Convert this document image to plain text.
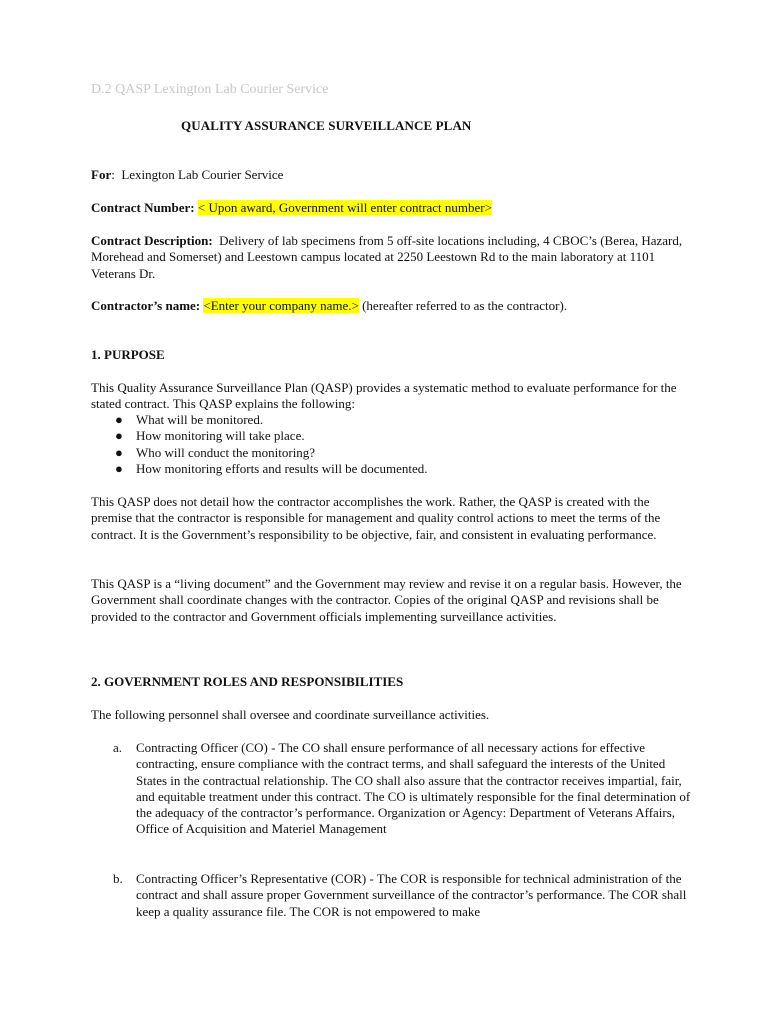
D.2 QASP Lexington Lab Courier Service
QUALITY ASSURANCE SURVEILLANCE PLAN
For:  Lexington Lab Courier Service
Contract Number: < Upon award, Government will enter contract number>
Contract Description: Delivery of lab specimens from 5 off-site locations including, 4 CBOC’s (Berea, Hazard, Morehead and Somerset) and Leestown campus located at 2250 Leestown Rd to the main laboratory at 1101 Veterans Dr.
Contractor’s name: <Enter your company name.> (hereafter referred to as the contractor).
1. PURPOSE
This Quality Assurance Surveillance Plan (QASP) provides a systematic method to evaluate performance for the stated contract. This QASP explains the following:
● What will be monitored.
● How monitoring will take place.
● Who will conduct the monitoring?
● How monitoring efforts and results will be documented.
This QASP does not detail how the contractor accomplishes the work. Rather, the QASP is created with the premise that the contractor is responsible for management and quality control actions to meet the terms of the contract. It is the Government’s responsibility to be objective, fair, and consistent in evaluating performance.
This QASP is a “living document” and the Government may review and revise it on a regular basis. However, the Government shall coordinate changes with the contractor. Copies of the original QASP and revisions shall be provided to the contractor and Government officials implementing surveillance activities.
2. GOVERNMENT ROLES AND RESPONSIBILITIES
The following personnel shall oversee and coordinate surveillance activities.
a. Contracting Officer (CO) - The CO shall ensure performance of all necessary actions for effective contracting, ensure compliance with the contract terms, and shall safeguard the interests of the United States in the contractual relationship. The CO shall also assure that the contractor receives impartial, fair, and equitable treatment under this contract. The CO is ultimately responsible for the final determination of the adequacy of the contractor’s performance. Organization or Agency: Department of Veterans Affairs, Office of Acquisition and Materiel Management
b. Contracting Officer’s Representative (COR) - The COR is responsible for technical administration of the contract and shall assure proper Government surveillance of the contractor’s performance. The COR shall keep a quality assurance file. The COR is not empowered to make
